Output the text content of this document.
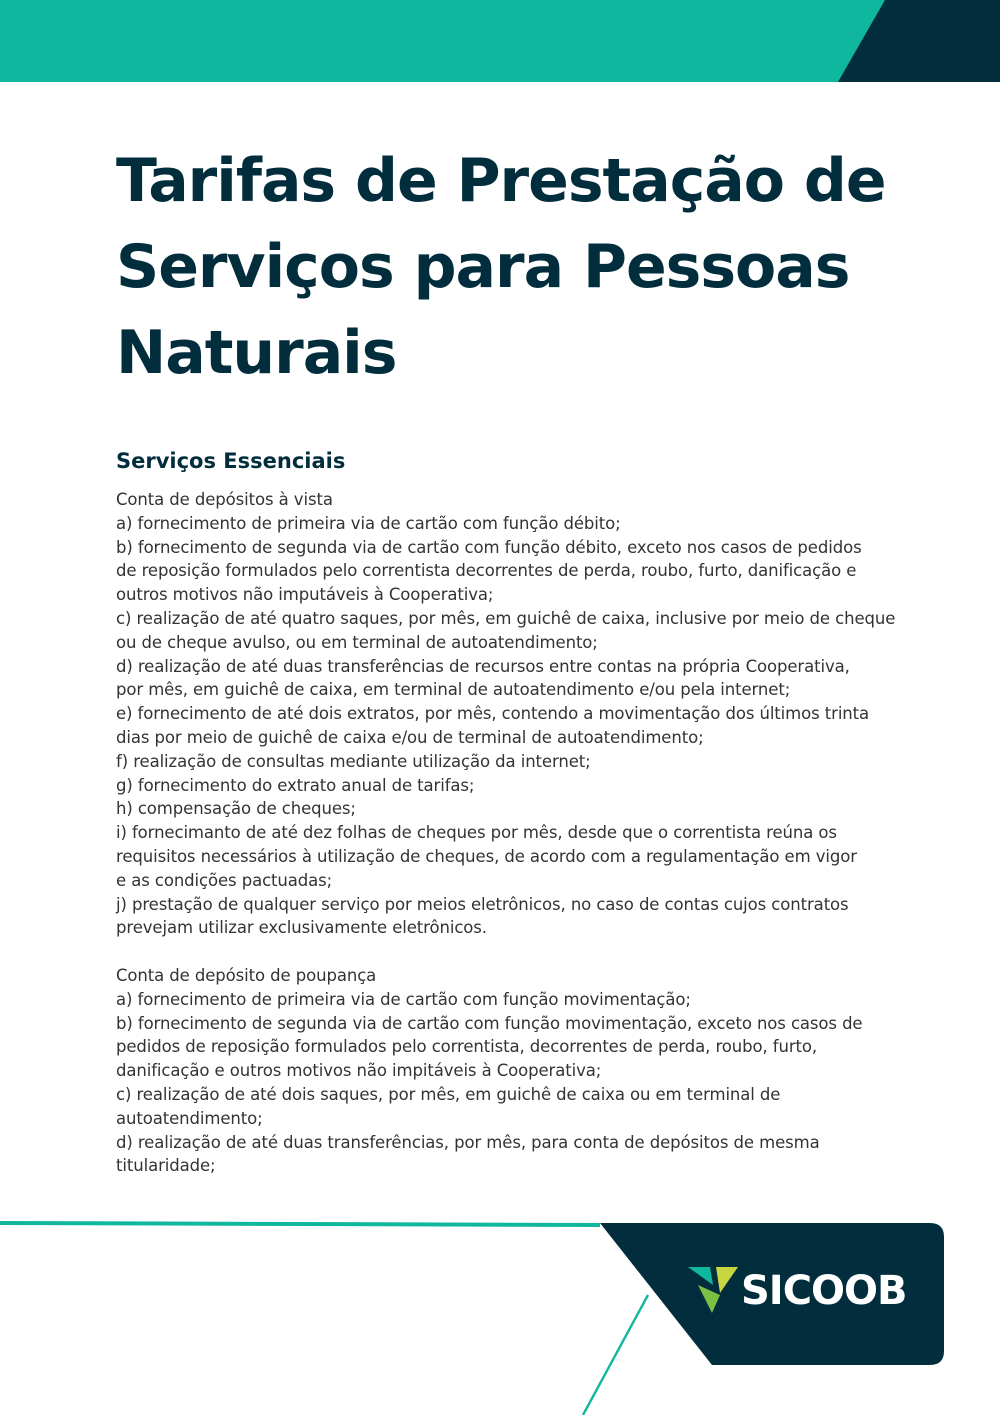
Tarifas de Prestação de
Serviços para Pessoas
Naturais
Serviços Essenciais

Conta de depósitos à vista

a) fornecimento de primeira via de cartão com função débito;

b) fornecimento de segunda via de cartão com função débito, exceto nos casos de pedidos

de reposição formulados pelo correntista decorrentes de perda, roubo, furto, danificação e

outros motivos não imputáveis à Cooperativa;

c) realização de até quatro saques, por mês, em guichê de caixa, inclusive por meio de cheque

ou de cheque avulso, ou em terminal de autoatendimento;

d) realização de até duas transferências de recursos entre contas na própria Cooperativa,

por mês, em guichê de caixa, em terminal de autoatendimento e/ou pela internet;

e) fornecimento de até dois extratos, por mês, contendo a movimentação dos últimos trinta

dias por meio de guichê de caixa e/ou de terminal de autoatendimento;

f) realização de consultas mediante utilização da internet;

g) fornecimento do extrato anual de tarifas;

h) compensação de cheques;

i) fornecimanto de até dez folhas de cheques por mês, desde que o correntista reúna os

requisitos necessários à utilização de cheques, de acordo com a regulamentação em vigor

e as condições pactuadas;

j) prestação de qualquer serviço por meios eletrônicos, no caso de contas cujos contratos

prevejam utilizar exclusivamente eletrônicos.

Conta de depósito de poupança

a) fornecimento de primeira via de cartão com função movimentação;

b) fornecimento de segunda via de cartão com função movimentação, exceto nos casos de

pedidos de reposição formulados pelo correntista, decorrentes de perda, roubo, furto,

danificação e outros motivos não impitáveis à Cooperativa;

c) realização de até dois saques, por mês, em guichê de caixa ou em terminal de

autoatendimento;

d) realização de até duas transferências, por mês, para conta de depósitos de mesma

titularidade;

SICOOB
